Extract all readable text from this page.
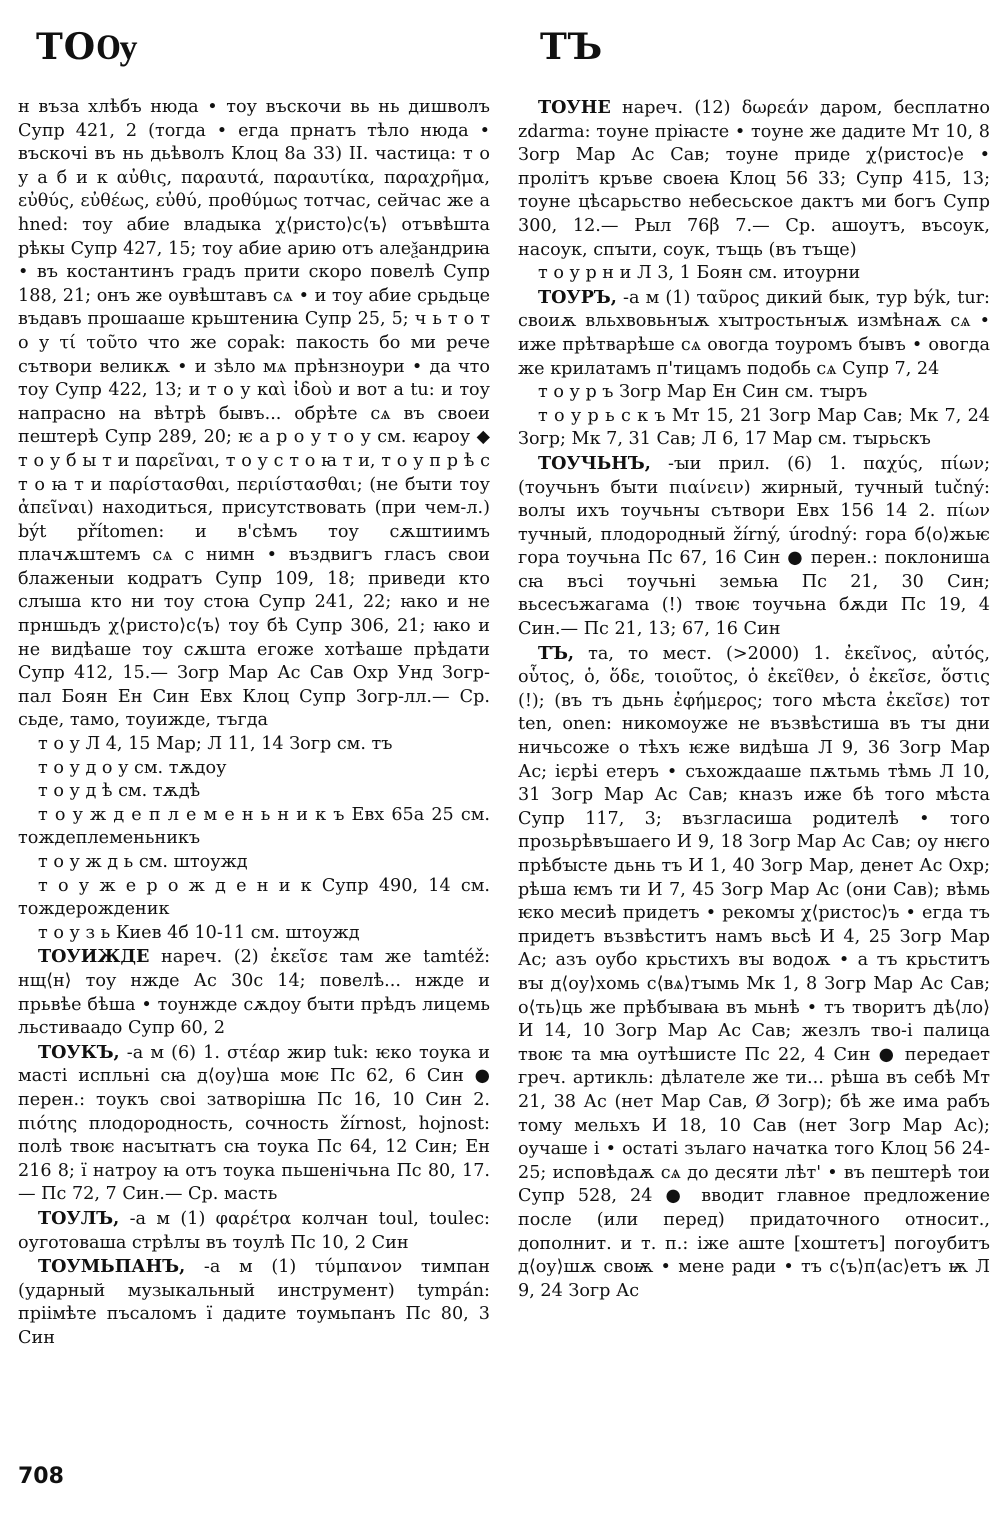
ТОѸ	ТЪ

н въза хлѣбъ нюда • тоу въскочи вь нь дишволъ Супр 421, 2 (тогда • егда прнатъ тѣло нюда • въскочі въ нь дьѣволъ Клоц 8а 33) II. частица: т о у а б и к αὐθις, παραυτά, παραυτίκα, παραχρῆμα, εὐθύς, εὐθέως, εὐθύ, προθύμως тотчас, сейчас же a hned: тоу абие владыка χ⟨ристо⟩с⟨ъ⟩ отъвѣшта рѣкы Супр 427, 15; тоу абие арию отъ алеѯандриꙗ • въ костантинъ градъ прити скоро повелѣ Супр 188, 21; онъ же оувѣштавъ сѧ • и тоу абие срьдьце въдавъ прошааше крьштениꙗ Супр 25, 5; ч ь т о т о у τί τοῦτο что же copak: пакость бо ми рече сътвори великѫ • и зѣло мѧ прѣнзноури • да что тоу Супр 422, 13; и т о у καὶ ἰδοὺ и вот a tu: и тоу напрасно на вѣтрѣ бывъ... обрѣте сѧ въ своеи пештерѣ Супр 289, 20; ѥ а р о у т о у см. ѥароу ◆ т о у б ы т и παρεῖναι, т о у с т о ꙗ т и, т о у п р ѣ с т о ꙗ т и παρίστασθαι, περιίστασθαι; (не бꙑти тоу ἀπεῖναι) находиться, присутствовать (при чем-л.) být přítomen: и в'сѣмъ тоу сѫштиимъ плачѫштемъ сѧ с нимн • въздвигъ гласъ свои блаженыи кодратъ Супр 109, 18; приведи кто слꙑша кто ни тоу стоꙗ Супр 241, 22; ꙗко и не прншьдъ χ⟨ристо⟩с⟨ъ⟩ тоу бѣ Супр 306, 21; ꙗко и не видѣаше тоу сѫшта егоже хотѣаше прѣдати Супр 412, 15.— Зогр Мар Ас Сав Охр Унд Зогр-пал Боян Ен Син Евх Клоц Супр Зогр-лл.— Ср. сьде, тамо, тоуижде, тъгда

т о у Л 4, 15 Мар; Л 11, 14 Зогр см. тъ

т о у д о у см. тѫдоу

т о у д ѣ см. тѫдѣ

т о у ж д е п л е м е н ь н и к ъ Евх 65а 25 см. тождеплеменьникъ

т о у ж д ь см. штоужд

т о у ж е р о ж д е н и к Супр 490, 14 см. тождерожденик

т о у з ь Киев 4б 10-11 см. штоужд

ТОУИЖДЕ нареч. (2) ἐκεῖσε там же tamtéž: нщ⟨н⟩ тоу нжде Ас 30с 14; повелѣ... нжде и прьвѣе бѣша • тоунжде сѫдоу бꙑти прѣдъ лицемь льстиваадо Супр 60, 2

ТОУКЪ, -а м (6) 1. στέαρ жир tuk: ѥко тоука и масті испльні сꙗ д⟨оу⟩ша моѥ Пс 62, 6 Син ● перен.: тоукъ своі затворішꙗ Пс 16, 10 Син 2. πιότης плодородность, сочность žírnost, hojnost: полѣ твоѥ насꙑтꙗтъ сꙗ тоука Пс 64, 12 Син; Ен 216 8; ї натроу ꙗ отъ тоука пьшенічьна Пс 80, 17.— Пс 72, 7 Син.— Ср. масть

ТОУЛЪ, -а м (1) φαρέτρα колчан toul, toulec: оуготоваша стрѣлꙑ въ тоулѣ Пс 10, 2 Син

ТОУМЬПАНЪ, -а м (1) τύμπανον тимпан (ударный музыкальный инструмент) tympán: пріімѣте пъсаломъ ї дадите тоумьпанъ Пс 80, 3 Син

ТОУНЕ нареч. (12) δωρεάν даром, бесплатно zdarma: тоуне пріꙗсте • тоуне же дадите Мт 10, 8 Зогр Мар Ас Сав; тоуне приде χ⟨ристос⟩е • пролітъ кръве своеꙗ Клоц 56 33; Супр 415, 13; тоуне цѣсарьство небесьское дактъ ми богъ Супр 300, 12.— Рыл 76β 7.— Ср. ашоутъ, въсоук, насоук, спꙑти, соук, тъщь (въ тъще)

т о у р н и Л 3, 1 Боян см. итоурни

ТОУРЪ, -а м (1) ταῦρος дикий бык, тур býk, tur: своиѫ вльхвовьнꙑѫ хꙑтростьнꙑѫ измѣнаѫ сѧ • иже прѣтварѣше сѧ овогда тоуромъ бꙑвъ • овогда же крилатамъ п'тицамъ подобь сѧ Супр 7, 24

т о у р ъ Зогр Мар Ен Син см. тꙑръ

т о у р ь с к ъ Мт 15, 21 Зогр Мар Сав; Мк 7, 24 Зогр; Мк 7, 31 Сав; Л 6, 17 Мар см. тꙑрьскъ

ТОУЧЬНЪ, -ꙑи прил. (6) 1. παχύς, πίων; (тоучьнъ бꙑти πιαίνειν) жирный, тучный tučný: волꙑ ихъ тоучьнꙑ сътвори Евх 156 14 2. πίων тучный, плодородный žírný, úrodný: гора б⟨о⟩жьѥ гора тоучьна Пс 67, 16 Син ● перен.: поклониша сꙗ въсі тоучьні земьꙗ Пс 21, 30 Син; вьсесъжагама (!) твоѥ тоучьна бѫди Пс 19, 4 Син.— Пс 21, 13; 67, 16 Син

ТЪ, та, то мест. (>2000) 1. ἐκεῖνος, αὐτός, οὗτος, ὁ, ὅδε, τοιοῦτος, ὁ ἐκεῖθεν, ὁ ἐκεῖσε, ὅστις (!); (въ тъ дьнь ἐφήμερος; того мѣста ἐκεῖσε) тот ten, onen: никомоуже не възвѣстиша въ тꙑ дни ничьсоже о тѣхъ ѥже видѣша Л 9, 36 Зогр Мар Ас; ієрѣі етеръ • съхождааше пѫтьмь тѣмь Л 10, 31 Зогр Мар Ас Сав; кназъ иже бѣ того мѣста Супр 117, 3; възгласиша родителѣ • того прозьрѣвъшаего И 9, 18 Зогр Мар Ас Сав; оу нѥго прѣбꙑсте дьнь тъ И 1, 40 Зогр Мар, денет Ас Охр; рѣша ѥмъ ти И 7, 45 Зогр Мар Ас (они Сав); вѣмь ѥко месиѣ придетъ • рекомꙑ χ⟨ристос⟩ъ • егда тъ придетъ възвѣститъ намъ вьсѣ И 4, 25 Зогр Мар Ас; азъ оубо крьстихъ вꙑ водоѫ • а тъ крьститъ вꙑ д⟨оу⟩хомь с⟨вѧ⟩тꙑмь Мк 1, 8 Зогр Мар Ас Сав; о⟨ть⟩ць же прѣбꙑваꙗ въ мьнѣ • тъ творитъ дѣ⟨ло⟩ И 14, 10 Зогр Мар Ас Сав; жезлъ тво-і палица твоѥ та мꙗ оутѣшисте Пс 22, 4 Син ● передает греч. артикль: дѣлателе же ти... рѣша въ себѣ Мт 21, 38 Ас (нет Мар Сав, Ø Зогр); бѣ же има рабъ тому мельхъ И 18, 10 Сав (нет Зогр Мар Ас); оучаше і • остаті зълаго начатка того Клоц 56 24-25; исповѣдаѫ сѧ до десяти лѣт' • въ пештерѣ тои Супр 528, 24 ● вводит главное предложение после (или перед) придаточного относит., дополнит. и т. п.: іже аште [хоштетъ] погоубитъ д⟨оу⟩шѫ своѭ • мене ради • тъ с⟨ъ⟩п⟨ас⟩етъ ѭ Л 9, 24 Зогр Ас

708
